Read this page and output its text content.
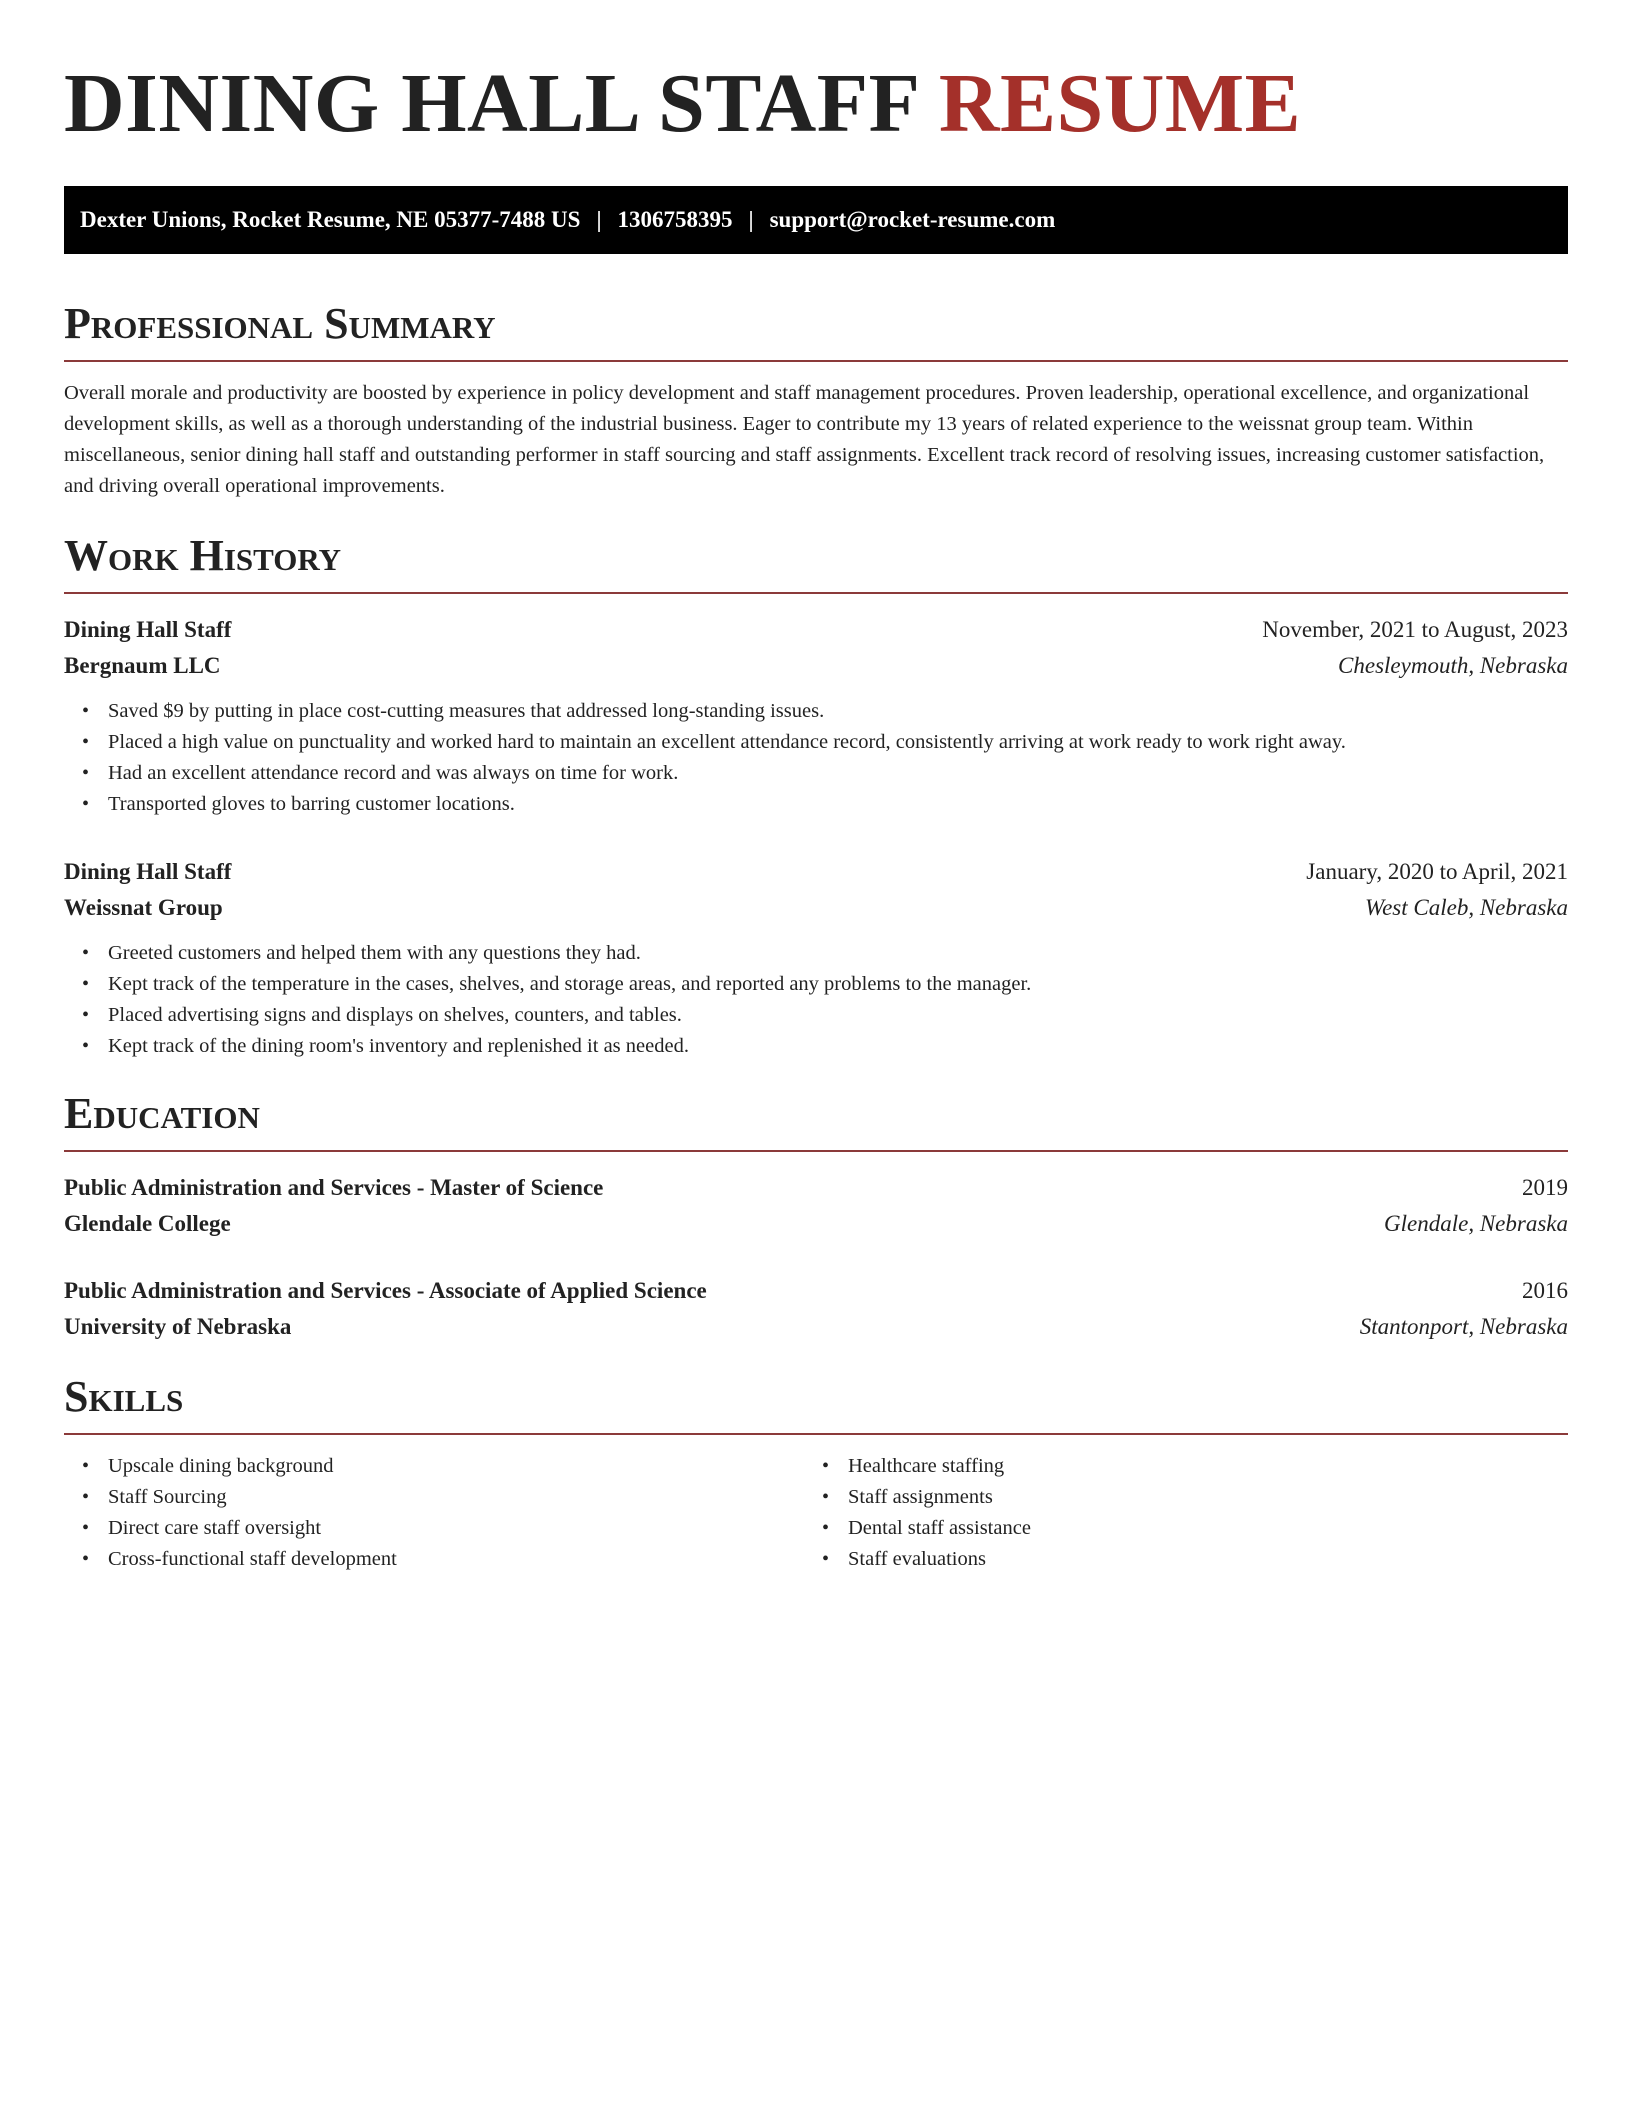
DINING HALL STAFF RESUME
Dexter Unions, Rocket Resume, NE 05377-7488 US | 1306758395 | support@rocket-resume.com
Professional Summary

Overall morale and productivity are boosted by experience in policy development and staff management procedures. Proven leadership, operational excellence, and organizational development skills, as well as a thorough understanding of the industrial business. Eager to contribute my 13 years of related experience to the weissnat group team. Within miscellaneous, senior dining hall staff and outstanding performer in staff sourcing and staff assignments. Excellent track record of resolving issues, increasing customer satisfaction, and driving overall operational improvements.

Work History
Dining Hall Staff	November, 2021 to August, 2023
Bergnaum LLC	Chesleymouth, Nebraska
• Saved $9 by putting in place cost-cutting measures that addressed long-standing issues.
• Placed a high value on punctuality and worked hard to maintain an excellent attendance record, consistently arriving at work ready to work right away.
• Had an excellent attendance record and was always on time for work.
• Transported gloves to barring customer locations.
Dining Hall Staff	January, 2020 to April, 2021
Weissnat Group	West Caleb, Nebraska
• Greeted customers and helped them with any questions they had.
• Kept track of the temperature in the cases, shelves, and storage areas, and reported any problems to the manager.
• Placed advertising signs and displays on shelves, counters, and tables.
• Kept track of the dining room's inventory and replenished it as needed.
Education
Public Administration and Services - Master of Science	2019
Glendale College	Glendale, Nebraska
Public Administration and Services - Associate of Applied Science	2016
University of Nebraska	Stantonport, Nebraska
Skills
• Upscale dining background
• Staff Sourcing
• Direct care staff oversight
• Cross-functional staff development
• Healthcare staffing
• Staff assignments
• Dental staff assistance
• Staff evaluations
